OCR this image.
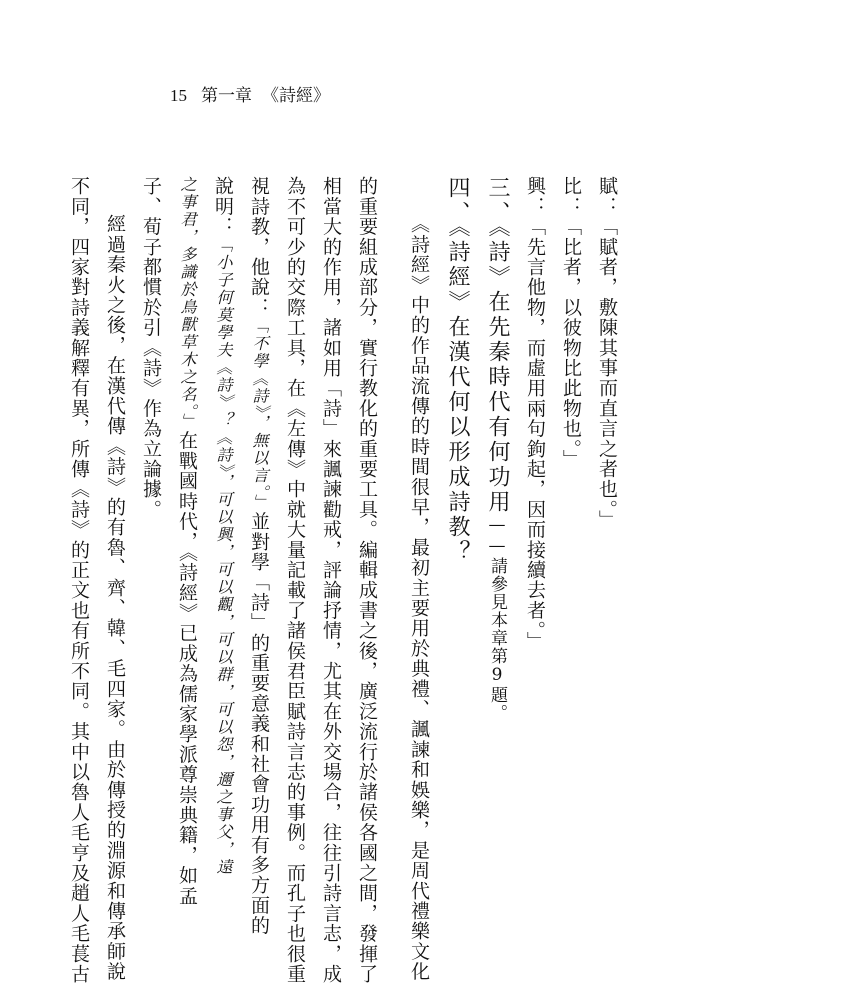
15 第一章 《詩經》
賦：「賦者，敷陳其事而直言之者也。」
比：「比者，以彼物比此物也。」
興：「先言他物，而虛用兩句鉤起，因而接續去者。」
三、《詩》在先秦時代有何功用——請參見本章第9題。
四、《詩經》在漢代何以形成詩教？
《詩經》中的作品流傳的時間很早，最初主要用於典禮、諷諫和娛樂，是周代禮樂文化
的重要組成部分，實行教化的重要工具。編輯成書之後，廣泛流行於諸侯各國之間，發揮了
相當大的作用，諸如用「詩」來諷諫勸戒，評論抒情，尤其在外交場合，往往引詩言志，成
為不可少的交際工具，在《左傳》中就大量記載了諸侯君臣賦詩言志的事例。而孔子也很重
視詩教，他說：「不學《詩》，無以言。」並對學「詩」的重要意義和社會功用有多方面的
說明：「小子何莫學夫《詩》？《詩》，可以興，可以觀，可以群，可以怨，邇之事父，遠
之事君，多識於鳥獸草木之名。」在戰國時代，《詩經》已成為儒家學派尊崇典籍，如孟
子、荀子都慣於引《詩》作為立論據。
經過秦火之後，在漢代傳《詩》的有魯、齊、韓、毛四家。由於傳授的淵源和傳承師說
不同，四家對詩義解釋有異，所傳《詩》的正文也有所不同。其中以魯人毛亨及趙人毛萇古
